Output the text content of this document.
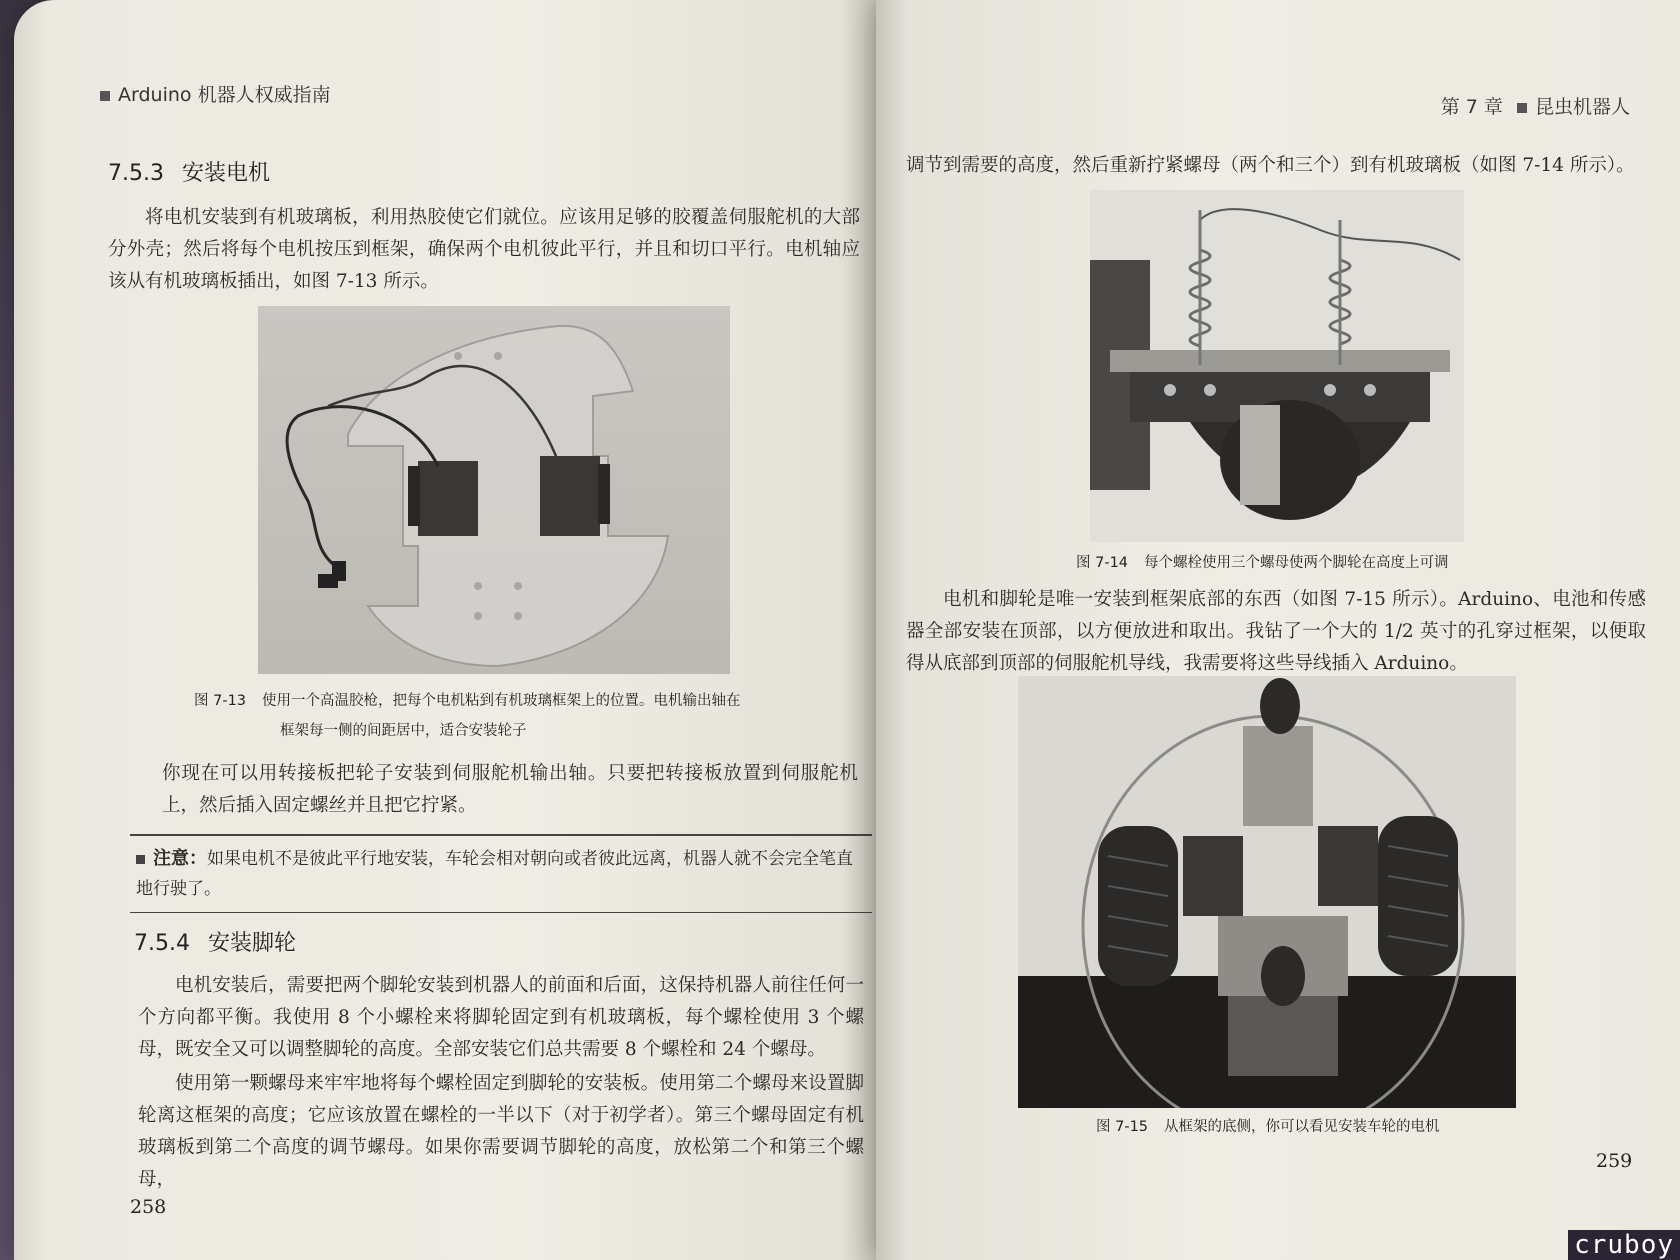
Arduino 机器人权威指南
7.5.3 安装电机

将电机安装到有机玻璃板，利用热胶使它们就位。应该用足够的胶覆盖伺服舵机的大部分外壳；然后将每个电机按压到框架，确保两个电机彼此平行，并且和切口平行。电机轴应该从有机玻璃板插出，如图 7-13 所示。

图 7-13 使用一个高温胶枪，把每个电机粘到有机玻璃框架上的位置。电机输出轴在
框架每一侧的间距居中，适合安装轮子

你现在可以用转接板把轮子安装到伺服舵机输出轴。只要把转接板放置到伺服舵机上，然后插入固定螺丝并且把它拧紧。

注意：如果电机不是彼此平行地安装，车轮会相对朝向或者彼此远离，机器人就不会完全笔直地行驶了。
7.5.4 安装脚轮

电机安装后，需要把两个脚轮安装到机器人的前面和后面，这保持机器人前往任何一个方向都平衡。我使用 8 个小螺栓来将脚轮固定到有机玻璃板，每个螺栓使用 3 个螺母，既安全又可以调整脚轮的高度。全部安装它们总共需要 8 个螺栓和 24 个螺母。

使用第一颗螺母来牢牢地将每个螺栓固定到脚轮的安装板。使用第二个螺母来设置脚轮离这框架的高度；它应该放置在螺栓的一半以下（对于初学者）。第三个螺母固定有机玻璃板到第二个高度的调节螺母。如果你需要调节脚轮的高度，放松第二个和第三个螺母，

258
第 7 章 昆虫机器人

调节到需要的高度，然后重新拧紧螺母（两个和三个）到有机玻璃板（如图 7-14 所示）。

图 7-14 每个螺栓使用三个螺母使两个脚轮在高度上可调

电机和脚轮是唯一安装到框架底部的东西（如图 7-15 所示）。Arduino、电池和传感器全部安装在顶部，以方便放进和取出。我钻了一个大的 1/2 英寸的孔穿过框架，以便取得从底部到顶部的伺服舵机导线，我需要将这些导线插入 Arduino。

图 7-15 从框架的底侧，你可以看见安装车轮的电机
259
cruboy
